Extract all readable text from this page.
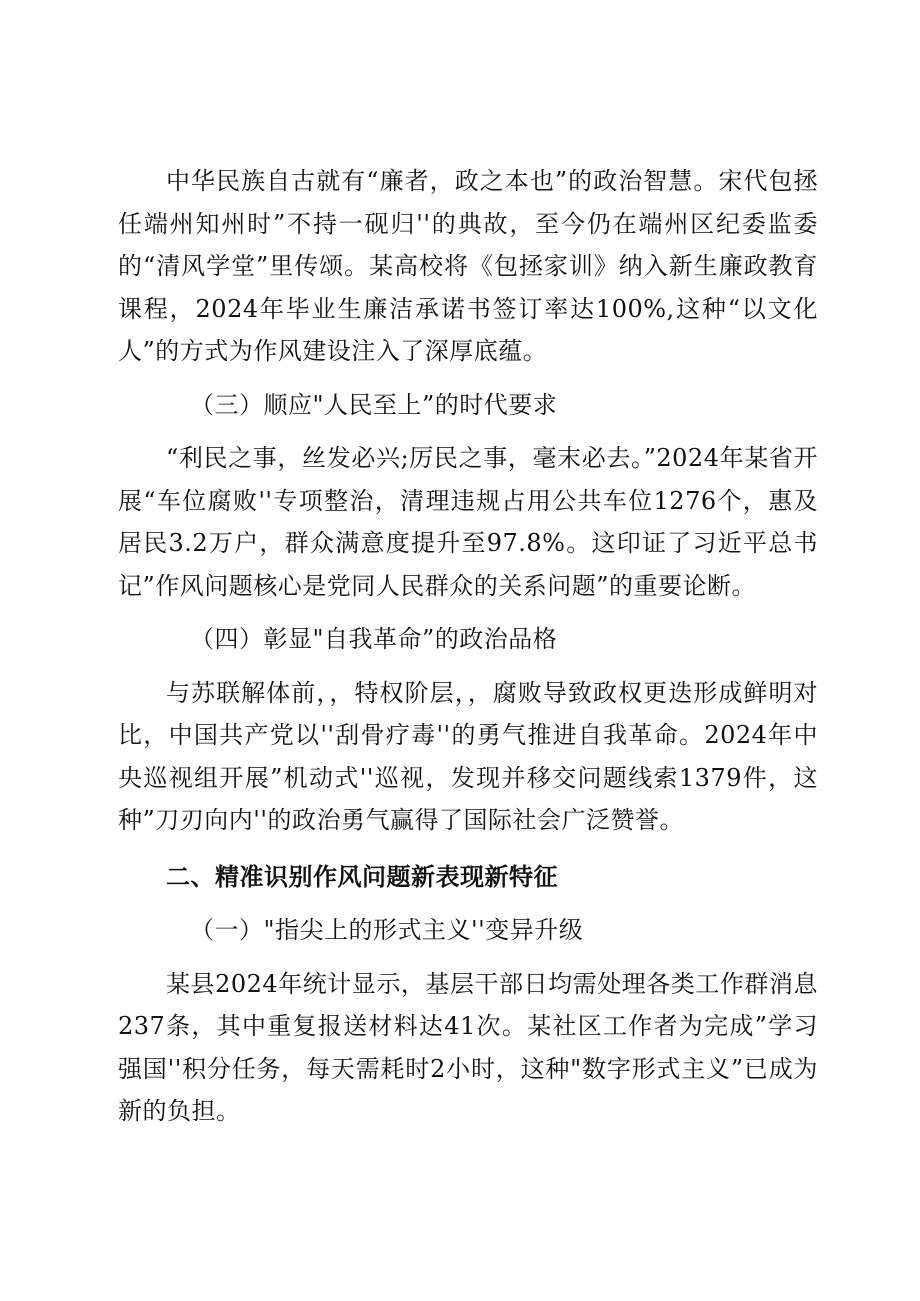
中华民族自古就有“廉者，政之本也”的政治智慧。宋代包拯任端州知州时”不持一砚归''的典故，至今仍在端州区纪委监委的“清风学堂”里传颂。某高校将《包拯家训》纳入新生廉政教育课程，2024年毕业生廉洁承诺书签订率达100%,这种“以文化人”的方式为作风建设注入了深厚底蕴。

（三）顺应"人民至上”的时代要求

“利民之事，丝发必兴;厉民之事，毫末必去。”2024年某省开展“车位腐败''专项整治，清理违规占用公共车位1276个，惠及居民3.2万户，群众满意度提升至97.8%。这印证了习近平总书记”作风问题核心是党同人民群众的关系问题”的重要论断。

（四）彰显"自我革命”的政治品格

与苏联解体前，，特权阶层，，腐败导致政权更迭形成鲜明对比，中国共产党以''刮骨疗毒''的勇气推进自我革命。2024年中央巡视组开展”机动式''巡视，发现并移交问题线索1379件，这种”刀刃向内''的政治勇气赢得了国际社会广泛赞誉。

二、精准识别作风问题新表现新特征

（一）"指尖上的形式主义''变异升级

某县2024年统计显示，基层干部日均需处理各类工作群消息237条，其中重复报送材料达41次。某社区工作者为完成”学习强国''积分任务，每天需耗时2小时，这种"数字形式主义”已成为新的负担。
